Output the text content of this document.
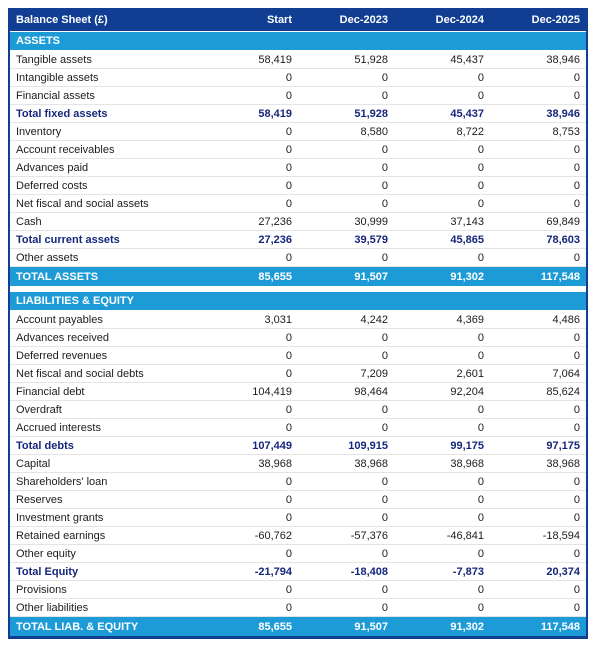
Balance Sheet (£)	Start	Dec-2023	Dec-2024	Dec-2025
ASSETS				
Tangible assets	58,419	51,928	45,437	38,946
Intangible assets	0	0	0	0
Financial assets	0	0	0	0
Total fixed assets	58,419	51,928	45,437	38,946
Inventory	0	8,580	8,722	8,753
Account receivables	0	0	0	0
Advances paid	0	0	0	0
Deferred costs	0	0	0	0
Net fiscal and social assets	0	0	0	0
Cash	27,236	30,999	37,143	69,849
Total current assets	27,236	39,579	45,865	78,603
Other assets	0	0	0	0
TOTAL ASSETS	85,655	91,507	91,302	117,548

LIABILITIES & EQUITY				
Account payables	3,031	4,242	4,369	4,486
Advances received	0	0	0	0
Deferred revenues	0	0	0	0
Net fiscal and social debts	0	7,209	2,601	7,064
Financial debt	104,419	98,464	92,204	85,624
Overdraft	0	0	0	0
Accrued interests	0	0	0	0
Total debts	107,449	109,915	99,175	97,175
Capital	38,968	38,968	38,968	38,968
Shareholders' loan	0	0	0	0
Reserves	0	0	0	0
Investment grants	0	0	0	0
Retained earnings	-60,762	-57,376	-46,841	-18,594
Other equity	0	0	0	0
Total Equity	-21,794	-18,408	-7,873	20,374
Provisions	0	0	0	0
Other liabilities	0	0	0	0
TOTAL LIAB. & EQUITY	85,655	91,507	91,302	117,548
